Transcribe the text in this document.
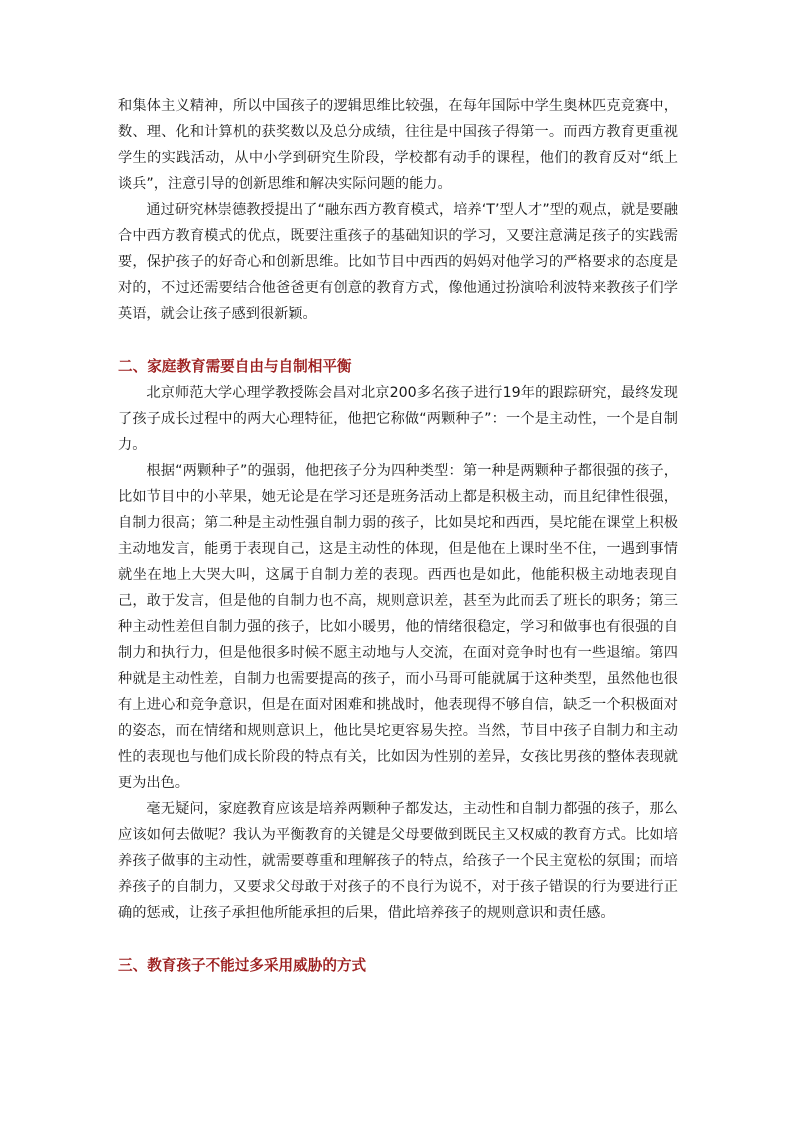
和集体主义精神，所以中国孩子的逻辑思维比较强，在每年国际中学生奥林匹克竞赛中，数、理、化和计算机的获奖数以及总分成绩，往往是中国孩子得第一。而西方教育更重视学生的实践活动，从中小学到研究生阶段，学校都有动手的课程，他们的教育反对“纸上谈兵”，注意引导的创新思维和解决实际问题的能力。

通过研究林崇德教授提出了“融东西方教育模式，培养‘T’型人才”型的观点，就是要融合中西方教育模式的优点，既要注重孩子的基础知识的学习，又要注意满足孩子的实践需要，保护孩子的好奇心和创新思维。比如节目中西西的妈妈对他学习的严格要求的态度是对的，不过还需要结合他爸爸更有创意的教育方式，像他通过扮演哈利波特来教孩子们学英语，就会让孩子感到很新颖。

二、家庭教育需要自由与自制相平衡

北京师范大学心理学教授陈会昌对北京200多名孩子进行19年的跟踪研究，最终发现了孩子成长过程中的两大心理特征，他把它称做“两颗种子”：一个是主动性，一个是自制力。

根据“两颗种子”的强弱，他把孩子分为四种类型：第一种是两颗种子都很强的孩子，比如节目中的小苹果，她无论是在学习还是班务活动上都是积极主动，而且纪律性很强，自制力很高；第二种是主动性强自制力弱的孩子，比如昊坨和西西，昊坨能在课堂上积极主动地发言，能勇于表现自己，这是主动性的体现，但是他在上课时坐不住，一遇到事情就坐在地上大哭大叫，这属于自制力差的表现。西西也是如此，他能积极主动地表现自己，敢于发言，但是他的自制力也不高，规则意识差，甚至为此而丢了班长的职务；第三种主动性差但自制力强的孩子，比如小暖男，他的情绪很稳定，学习和做事也有很强的自制力和执行力，但是他很多时候不愿主动地与人交流，在面对竞争时也有一些退缩。第四种就是主动性差，自制力也需要提高的孩子，而小马哥可能就属于这种类型，虽然他也很有上进心和竞争意识，但是在面对困难和挑战时，他表现得不够自信，缺乏一个积极面对的姿态，而在情绪和规则意识上，他比昊坨更容易失控。当然，节目中孩子自制力和主动性的表现也与他们成长阶段的特点有关，比如因为性别的差异，女孩比男孩的整体表现就更为出色。

毫无疑问，家庭教育应该是培养两颗种子都发达，主动性和自制力都强的孩子，那么应该如何去做呢？我认为平衡教育的关键是父母要做到既民主又权威的教育方式。比如培养孩子做事的主动性，就需要尊重和理解孩子的特点，给孩子一个民主宽松的氛围；而培养孩子的自制力，又要求父母敢于对孩子的不良行为说不，对于孩子错误的行为要进行正确的惩戒，让孩子承担他所能承担的后果，借此培养孩子的规则意识和责任感。

三、教育孩子不能过多采用威胁的方式
